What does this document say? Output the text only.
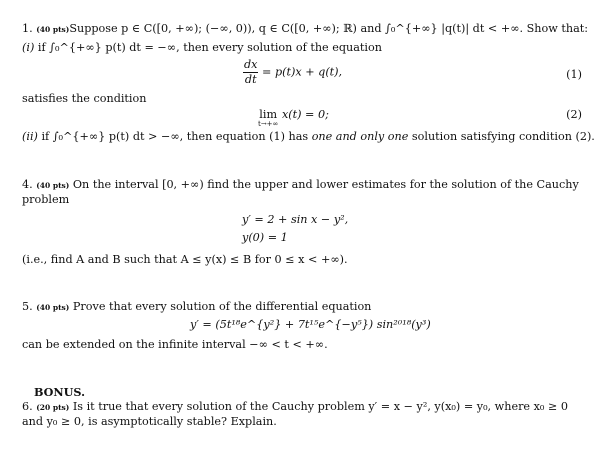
1. (40 pts)Suppose p ∈ C([0, +∞); (−∞, 0)), q ∈ C([0, +∞); ℝ) and ∫₀^{+∞} |q(t)| dt < +∞. Show that:
(i) if ∫₀^{+∞} p(t) dt = −∞, then every solution of the equation
$\frac{dx}{dt} = p(t)x + q(t)$,	(1)
satisfies the condition
lim
t→+∞
x(t) = 0;	(2)
(ii) if ∫₀^{+∞} p(t) dt > −∞, then equation (1) has one and only one solution satisfying condition (2).
4. (40 pts) On the interval [0, +∞) find the upper and lower estimates for the solution of the Cauchy
problem
y′ = 2 + sin x − y²,
y(0) = 1
(i.e., find A and B such that A ≤ y(x) ≤ B for 0 ≤ x < +∞).
5. (40 pts) Prove that every solution of the differential equation
y′ = (5t¹⁸e^{y²} + 7t¹⁵e^{−y⁵}) sin²⁰¹⁸(y³)
can be extended on the infinite interval −∞ < t < +∞.
BONUS.
6. (20 pts) Is it true that every solution of the Cauchy problem y′ = x − y², y(x₀) = y₀, where x₀ ≥ 0
and y₀ ≥ 0, is asymptotically stable? Explain.
